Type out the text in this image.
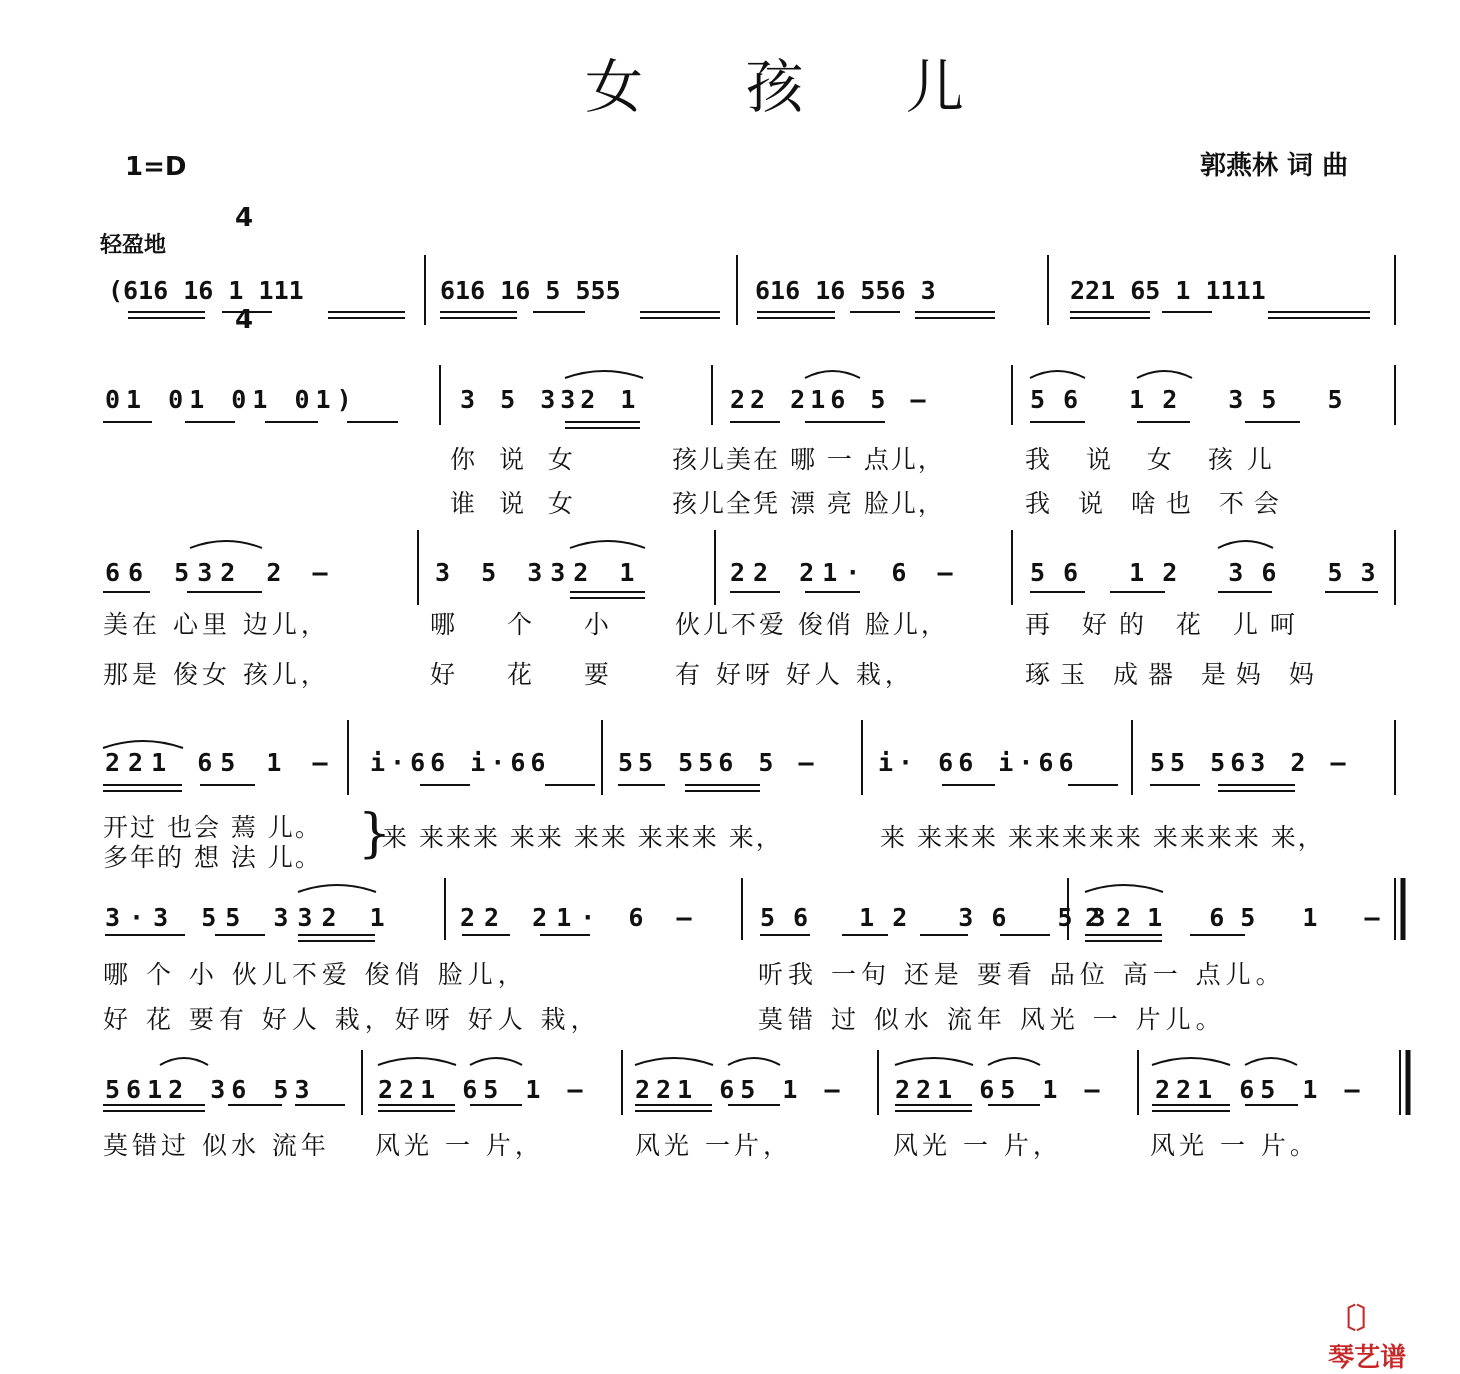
女 孩 儿
1=D

4

4

郭燕林 词 曲
轻盈地
(616 16 1 111	616 16 5 555	616 16 556 3	221 65 1 1111
01 01 01 01)	3 5 332 1	22 216 5 —	56 12 35 5
你 说 女	孩儿美在 哪 一 点儿，	我 说 女 孩儿
谁 说 女	孩儿全凭 漂 亮 脸儿，	我 说 啥也 不会
66 532 2 —	3 5 332 1	22 21· 6 —	56 12 36 53
美在 心里 边儿，	哪 个 小 伙儿不爱 俊俏 脸儿，	再 好的 花 儿呵
那是 俊女 孩儿，	好 花 要 有 好呀 好人 栽，	琢玉 成器 是妈 妈
221 65 1 — i·66 i·66	55 556 5 — i· 66 i·66	55 563 2 —
开过 也会 蔫 儿。 }
来 来来来 来来 来来 来来来 来，	来 来来来 来来来来来 来来来来 来，
多年的 想 法 儿。
3·3 55 332 1	22 21· 6 — 56 12 36 53
221 65 1 —
哪 个 小 伙儿不爱 俊俏 脸儿，	听我 一句 还是 要看 品位 高一 点儿。
好 花 要有 好人 栽，好呀 好人 栽，	莫错 过 似水 流年 风光 一 片儿。
5612 36 53 221 65 1 — 221 65 1 — 221 65 1 — 221 65 1 —
莫错过 似水 流年 风光 一 片，	风光 一片，	风光 一 片，	风光 一 片。

〔〕
琴艺谱
